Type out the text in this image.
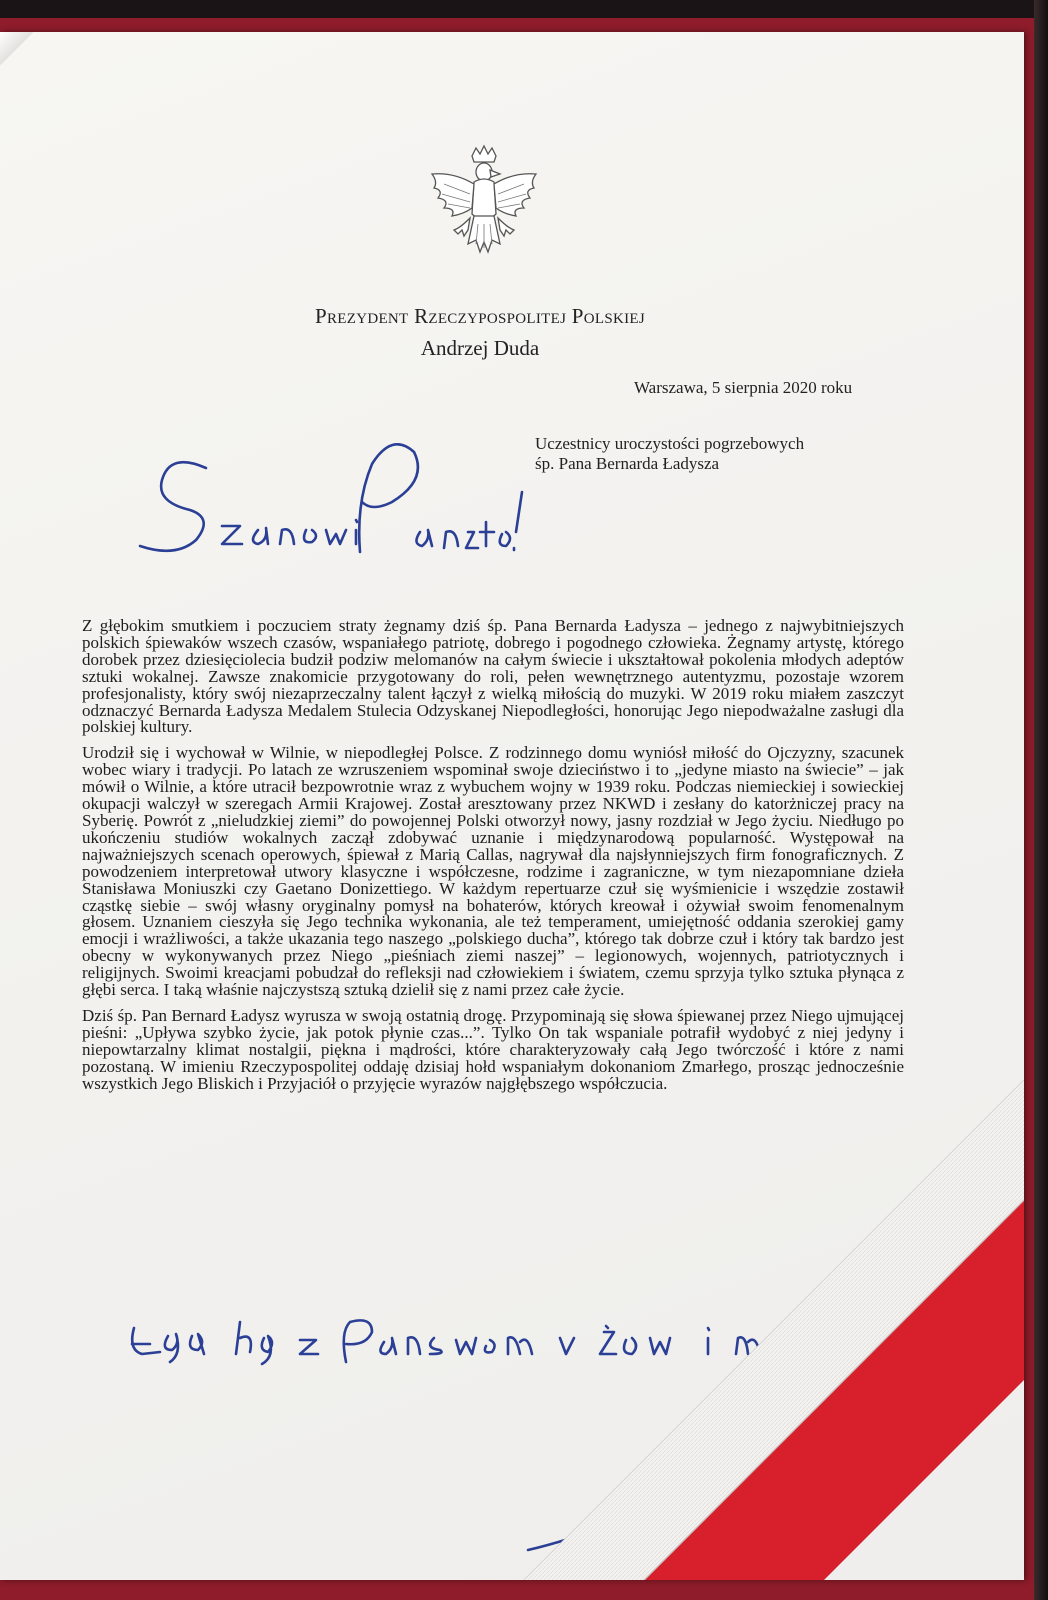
Prezydent Rzeczypospolitej Polskiej
Andrzej Duda
Warszawa, 5 sierpnia 2020 roku
Uczestnicy uroczystości pogrzebowych
śp. Pana Bernarda Ładysza

Z głębokim smutkiem i poczuciem straty żegnamy dziś śp. Pana Bernarda Ładysza – jednego z najwybitniejszych polskich śpiewaków wszech czasów, wspaniałego patriotę, dobrego i pogodnego człowieka. Żegnamy artystę, którego dorobek przez dziesięciolecia budził podziw melomanów na całym świecie i ukształtował pokolenia młodych adeptów sztuki wokalnej. Zawsze znakomicie przygotowany do roli, pełen wewnętrznego autentyzmu, pozostaje wzorem profesjonalisty, który swój niezaprzeczalny talent łączył z wielką miłością do muzyki. W 2019 roku miałem zaszczyt odznaczyć Bernarda Ładysza Medalem Stulecia Odzyskanej Niepodległości, honorując Jego niepodważalne zasługi dla polskiej kultury.

Urodził się i wychował w Wilnie, w niepodległej Polsce. Z rodzinnego domu wyniósł miłość do Ojczyzny, szacunek wobec wiary i tradycji. Po latach ze wzruszeniem wspominał swoje dzieciństwo i to „jedyne miasto na świecie” – jak mówił o Wilnie, a które utracił bezpowrotnie wraz z wybuchem wojny w 1939 roku. Podczas niemieckiej i sowieckiej okupacji walczył w szeregach Armii Krajowej. Został aresztowany przez NKWD i zesłany do katorżniczej pracy na Syberię. Powrót z „nieludzkiej ziemi” do powojennej Polski otworzył nowy, jasny rozdział w Jego życiu. Niedługo po ukończeniu studiów wokalnych zaczął zdobywać uznanie i międzynarodową popularność. Występował na najważniejszych scenach operowych, śpiewał z Marią Callas, nagrywał dla najsłynniejszych firm fonograficznych. Z powodzeniem interpretował utwory klasyczne i współczesne, rodzime i zagraniczne, w tym niezapomniane dzieła Stanisława Moniuszki czy Gaetano Donizettiego. W każdym repertuarze czuł się wyśmienicie i wszędzie zostawił cząstkę siebie – swój własny oryginalny pomysł na bohaterów, których kreował i ożywiał swoim fenomenalnym głosem. Uznaniem cieszyła się Jego technika wykonania, ale też temperament, umiejętność oddania szerokiej gamy emocji i wrażliwości, a także ukazania tego naszego „polskiego ducha”, którego tak dobrze czuł i który tak bardzo jest obecny w wykonywanych przez Niego „pieśniach ziemi naszej” – legionowych, wojennych, patriotycznych i religijnych. Swoimi kreacjami pobudzał do refleksji nad człowiekiem i światem, czemu sprzyja tylko sztuka płynąca z głębi serca. I taką właśnie najczystszą sztuką dzielił się z nami przez całe życie.

Dziś śp. Pan Bernard Ładysz wyrusza w swoją ostatnią drogę. Przypominają się słowa śpiewanej przez Niego ujmującej pieśni: „Upływa szybko życie, jak potok płynie czas...”. Tylko On tak wspaniale potrafił wydobyć z niej jedyny i niepowtarzalny klimat nostalgii, piękna i mądrości, które charakteryzowały całą Jego twórczość i które z nami pozostaną. W imieniu Rzeczypospolitej oddaję dzisiaj hołd wspaniałym dokonaniom Zmarłego, prosząc jednocześnie wszystkich Jego Bliskich i Przyjaciół o przyjęcie wyrazów najgłębszego współczucia.
